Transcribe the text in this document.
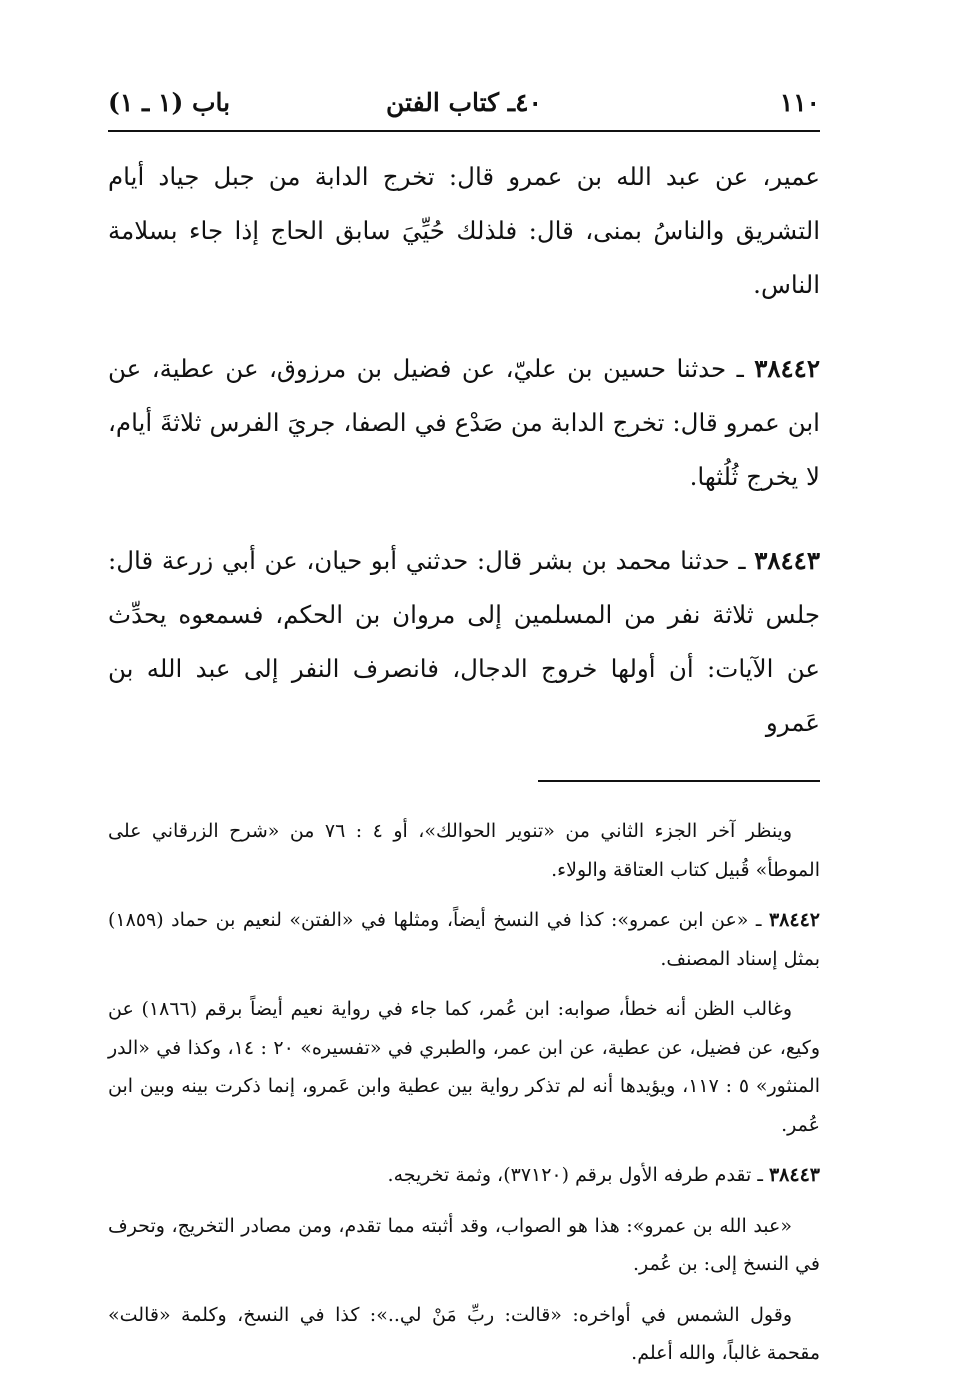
١١٠
٤٠ـ كتاب الفتن
باب (١ ـ ١)

عمير، عن عبد الله بن عمرو قال: تخرج الدابة من جبل جياد أيام التشريق والناسُ بمنى، قال: فلذلك حُيِّيَ سابق الحاج إذا جاء بسلامة الناس.

٣٨٤٤٢ ـ حدثنا حسين بن عليّ، عن فضيل بن مرزوق، عن عطية، عن ابن عمرو قال: تخرج الدابة من صَدْع في الصفا، جريَ الفرس ثلاثةَ أيام، لا يخرج ثُلُثها.

٣٨٤٤٣ ـ حدثنا محمد بن بشر قال: حدثني أبو حيان، عن أبي زرعة قال: جلس ثلاثة نفر من المسلمين إلى مروان بن الحكم، فسمعوه يحدِّث عن الآيات: أن أولها خروج الدجال، فانصرف النفر إلى عبد الله بن عَمرو

وينظر آخر الجزء الثاني من «تنوير الحوالك»، أو ٤ : ٧٦ من «شرح الزرقاني على الموطأ» قُبيل كتاب العتاقة والولاء.

٣٨٤٤٢ ـ «عن ابن عمرو»: كذا في النسخ أيضاً، ومثلها في «الفتن» لنعيم بن حماد (١٨٥٩) بمثل إسناد المصنف.

وغالب الظن أنه خطأ، صوابه: ابن عُمر، كما جاء في رواية نعيم أيضاً برقم (١٨٦٦) عن وكيع، عن فضيل، عن عطية، عن ابن عمر، والطبري في «تفسيره» ٢٠ : ١٤، وكذا في «الدر المنثور» ٥ : ١١٧، ويؤيدها أنه لم تذكر رواية بين عطية وابن عَمرو، إنما ذكرت بينه وبين ابن عُمر.

٣٨٤٤٣ ـ تقدم طرفه الأول برقم (٣٧١٢٠)، وثمة تخريجه.

«عبد الله بن عمرو»: هذا هو الصواب، وقد أثبته مما تقدم، ومن مصادر التخريج، وتحرف في النسخ إلى: بن عُمر.

وقول الشمس في أواخره: «قالت: ربِّ مَنْ لي..»: كذا في النسخ، وكلمة «قالت» مقحمة غالباً، والله أعلم.
